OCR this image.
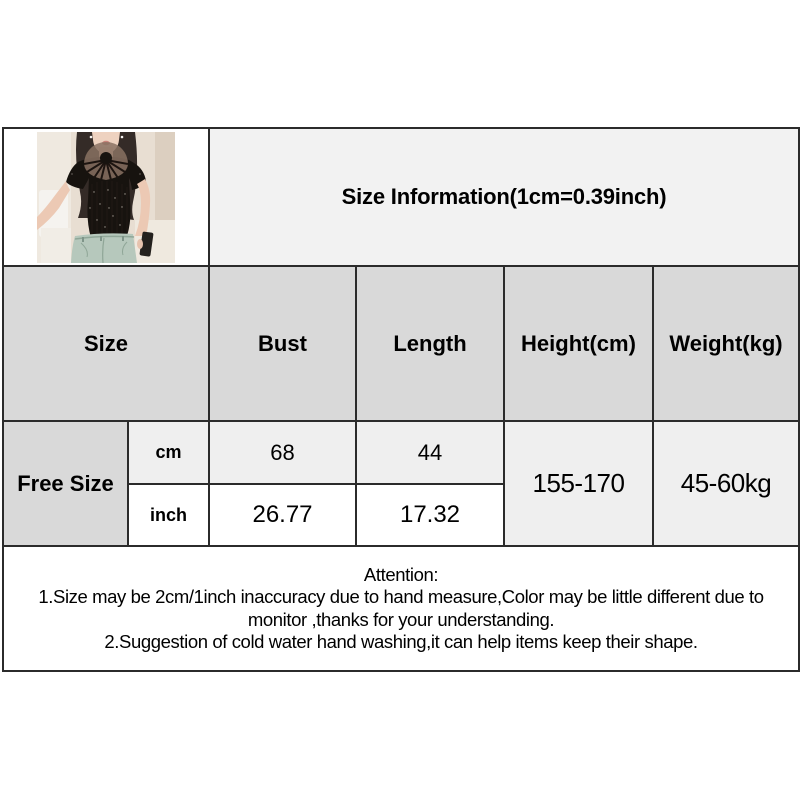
	Size Information(1cm=0.39inch)			
Size		Bust	Length	Height(cm)	Weight(kg)
Free Size	cm	68	44	155-170	45-60kg
	inch	26.77	17.32		

Attention:
1.Size may be 2cm/1inch inaccuracy due to hand measure,Color may be little different due to
monitor ,thanks for your understanding.
2.Suggestion of cold water hand washing,it can help items keep their shape.					
